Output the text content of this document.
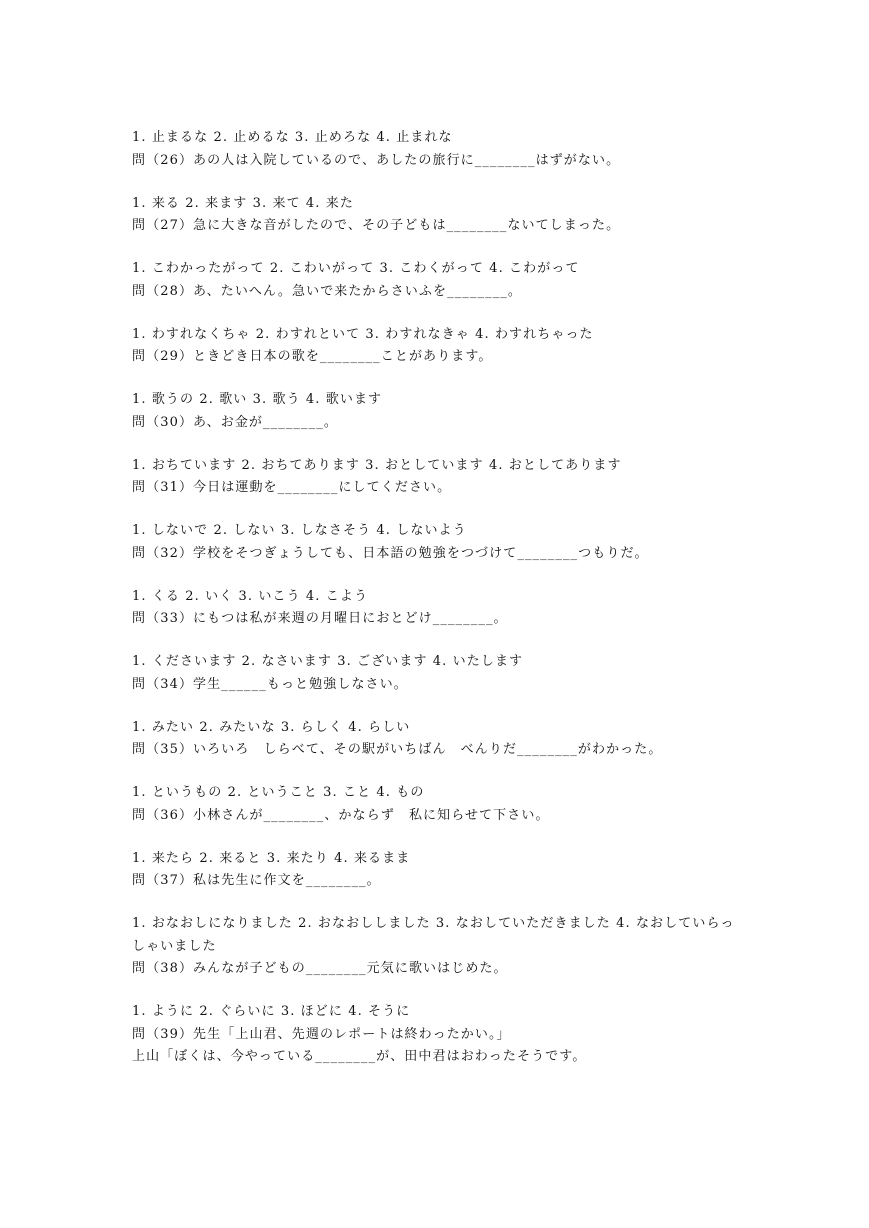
1. 止まるな 2. 止めるな 3. 止めろな 4. 止まれな
問（26）あの人は入院しているので、あしたの旅行に________はずがない。
1. 来る 2. 来ます 3. 来て 4. 来た
問（27）急に大きな音がしたので、その子どもは________ないてしまった。
1. こわかったがって 2. こわいがって 3. こわくがって 4. こわがって
問（28）あ、たいへん。急いで来たからさいふを________。
1. わすれなくちゃ 2. わすれといて 3. わすれなきゃ 4. わすれちゃった
問（29）ときどき日本の歌を________ことがあります。
1. 歌うの 2. 歌い 3. 歌う 4. 歌います
問（30）あ、お金が________。
1. おちています 2. おちてあります 3. おとしています 4. おとしてあります
問（31）今日は運動を________にしてください。
1. しないで 2. しない 3. しなさそう 4. しないよう
問（32）学校をそつぎょうしても、日本語の勉強をつづけて________つもりだ。
1. くる 2. いく 3. いこう 4. こよう
問（33）にもつは私が来週の月曜日におとどけ________。
1. くださいます 2. なさいます 3. ございます 4. いたします
問（34）学生______もっと勉強しなさい。
1. みたい 2. みたいな 3. らしく 4. らしい
問（35）いろいろ　しらべて、その駅がいちばん　べんりだ________がわかった。
1. というもの 2. ということ 3. こと 4. もの
問（36）小林さんが________、かならず　私に知らせて下さい。
1. 来たら 2. 来ると 3. 来たり 4. 来るまま
問（37）私は先生に作文を________。
1. おなおしになりました 2. おなおししました 3. なおしていただきました 4. なおしていらっしゃいました
問（38）みんなが子どもの________元気に歌いはじめた。
1. ように 2. ぐらいに 3. ほどに 4. そうに
問（39）先生「上山君、先週のレポートは終わったかい。」
上山「ぼくは、今やっている________が、田中君はおわったそうです。
